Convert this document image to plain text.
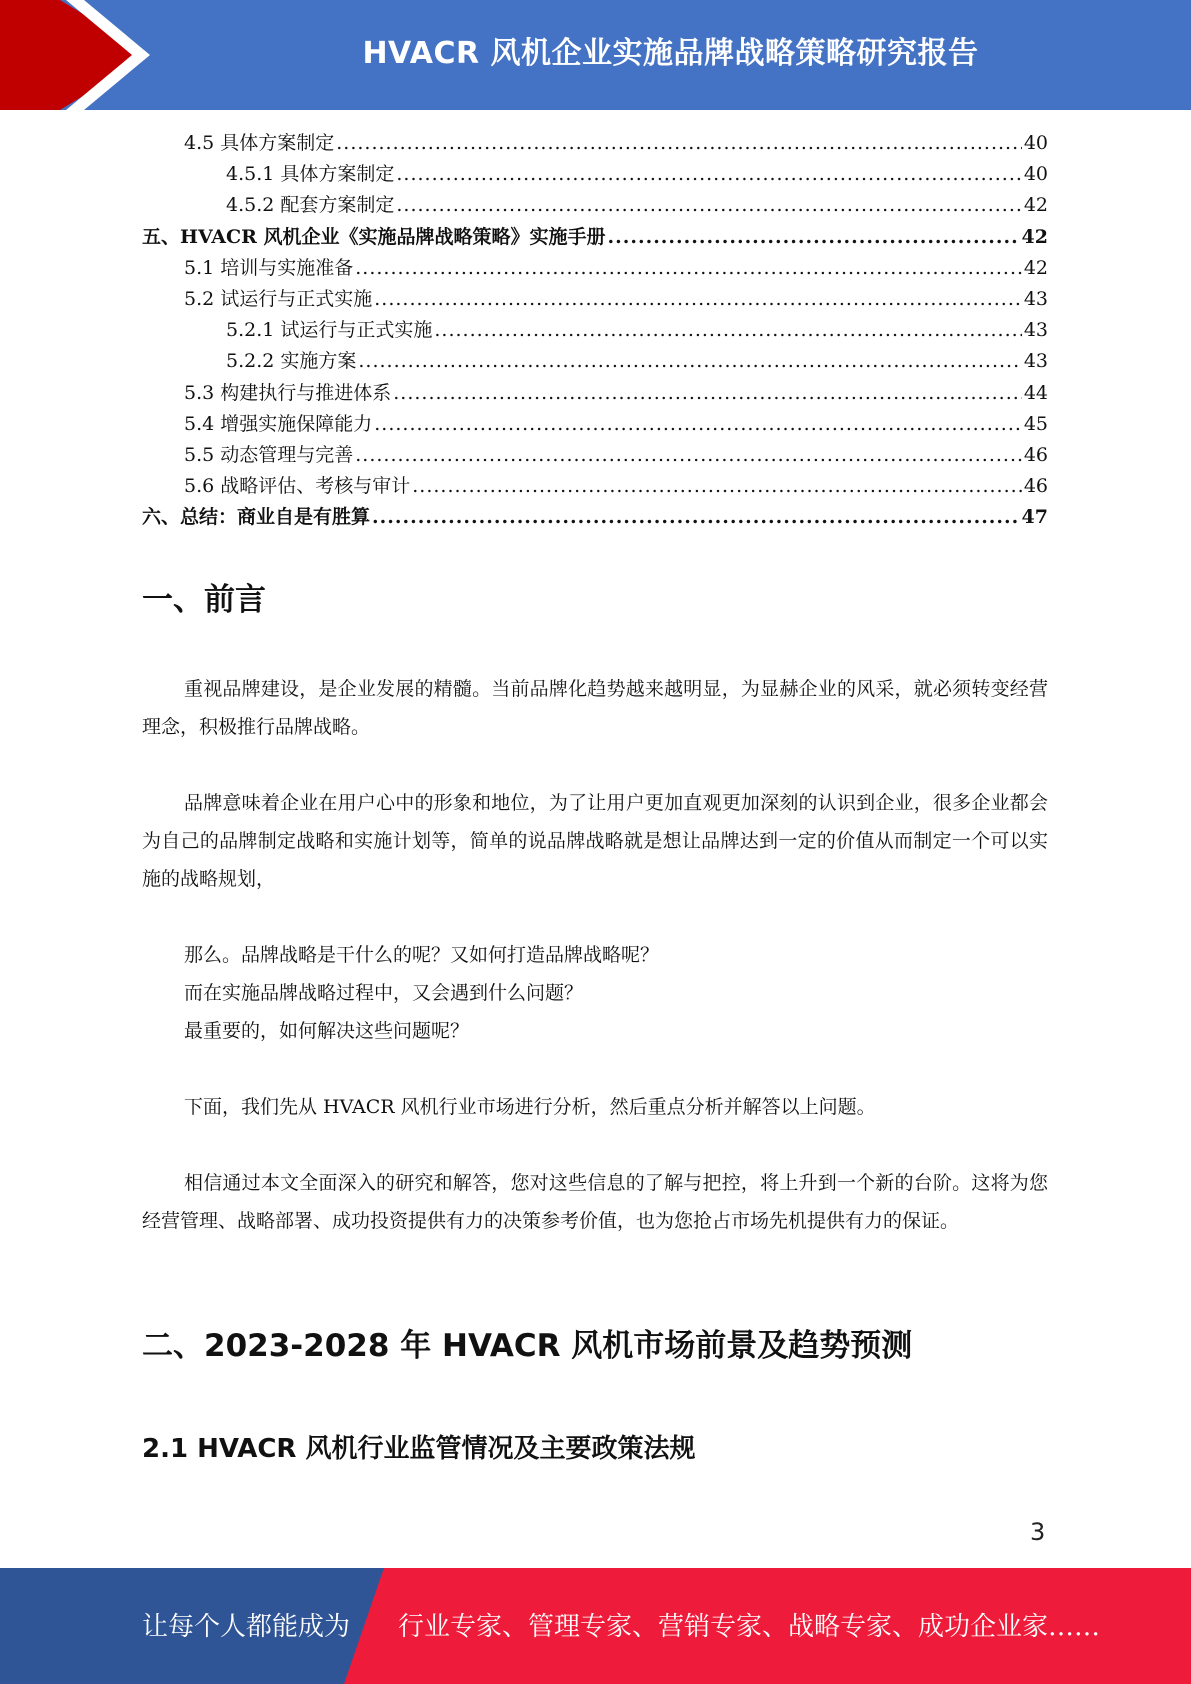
HVACR 风机企业实施品牌战略策略研究报告
4.5 具体方案制定 .....	40
4.5.1 具体方案制定 .....	40
4.5.2 配套方案制定 .....	42
五、HVACR 风机企业《实施品牌战略策略》实施手册 .....	42
5.1 培训与实施准备 .....	42
5.2 试运行与正式实施 .....	43
5.2.1 试运行与正式实施 .....	43
5.2.2 实施方案 .....	43
5.3 构建执行与推进体系 .....	44
5.4 增强实施保障能力 .....	45
5.5 动态管理与完善 .....	46
5.6 战略评估、考核与审计 .....	46
六、总结：商业自是有胜算 .....	47
一、前言

重视品牌建设，是企业发展的精髓。当前品牌化趋势越来越明显，为显赫企业的风采，就必须转变经营理念，积极推行品牌战略。

品牌意味着企业在用户心中的形象和地位，为了让用户更加直观更加深刻的认识到企业，很多企业都会为自己的品牌制定战略和实施计划等，简单的说品牌战略就是想让品牌达到一定的价值从而制定一个可以实施的战略规划，

那么。品牌战略是干什么的呢？又如何打造品牌战略呢？

而在实施品牌战略过程中，又会遇到什么问题？

最重要的，如何解决这些问题呢？

下面，我们先从 HVACR 风机行业市场进行分析，然后重点分析并解答以上问题。

相信通过本文全面深入的研究和解答，您对这些信息的了解与把控，将上升到一个新的台阶。这将为您经营管理、战略部署、成功投资提供有力的决策参考价值，也为您抢占市场先机提供有力的保证。

二、2023-2028 年 HVACR 风机市场前景及趋势预测
2.1 HVACR 风机行业监管情况及主要政策法规
3
让每个人都能成为 行业专家、管理专家、营销专家、战略专家、成功企业家……
